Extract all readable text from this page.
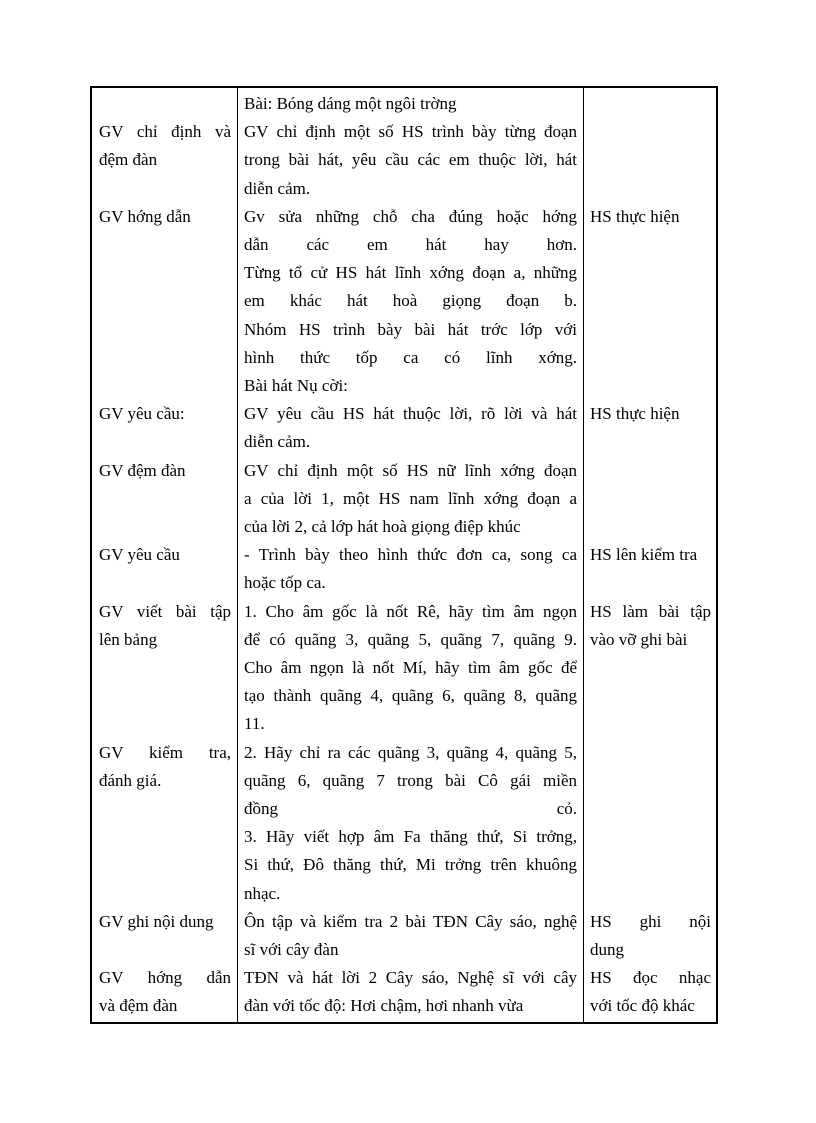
GV chỉ định và
đệm đàn
GV hớng dẫn
GV yêu cầu:
GV đệm đàn
GV yêu cầu
GV viết bài tập
lên bảng
GV kiểm tra,
đánh giá.
GV ghi nội dung
GV hớng dẫn
và đệm đàn
Bài: Bóng dáng một ngôi trờng
GV chỉ định một số HS trình bày từng đoạn
trong bài hát, yêu cầu các em thuộc lời, hát
diễn cảm.
Gv sửa những chỗ cha đúng hoặc hớng
dẫn các em hát hay hơn.
Từng tổ cử HS hát lĩnh xớng đoạn a, những
em khác hát hoà giọng đoạn b.
Nhóm HS trình bày bài hát trớc lớp với
hình thức tốp ca có lĩnh xớng.
Bài hát Nụ cời:
GV yêu cầu HS hát thuộc lời, rõ lời và hát
diễn cảm.
GV chỉ định một số HS nữ lĩnh xớng đoạn
a của lời 1, một HS nam lĩnh xớng đoạn a
của lời 2, cả lớp hát hoà giọng điệp khúc
- Trình bày theo hình thức đơn ca, song ca
hoặc tốp ca.
1. Cho âm gốc là nốt Rê, hãy tìm âm ngọn
để có quãng 3, quãng 5, quãng 7, quãng 9.
Cho âm ngọn là nốt Mí, hãy tìm âm gốc để
tạo thành quãng 4, quãng 6, quãng 8, quãng
11.
2. Hãy chỉ ra các quãng 3, quãng 4, quãng 5,
quãng 6, quãng 7 trong bài Cô gái miền
đồng cỏ.
3. Hãy viết hợp âm Fa thăng thứ, Si trởng,
Si thứ, Đô thăng thứ, Mi trởng trên khuông
nhạc.
Ôn tập và kiểm tra 2 bài TĐN Cây sáo, nghệ
sĩ với cây đàn
TĐN và hát lời 2 Cây sáo, Nghệ sĩ với cây
đàn với tốc độ: Hơi chậm, hơi nhanh vừa
HS thực hiện
HS thực hiện
HS lên kiểm tra
HS làm bài tập
vào vỡ ghi bài
HS ghi nội
dung
HS đọc nhạc
với tốc độ khác
